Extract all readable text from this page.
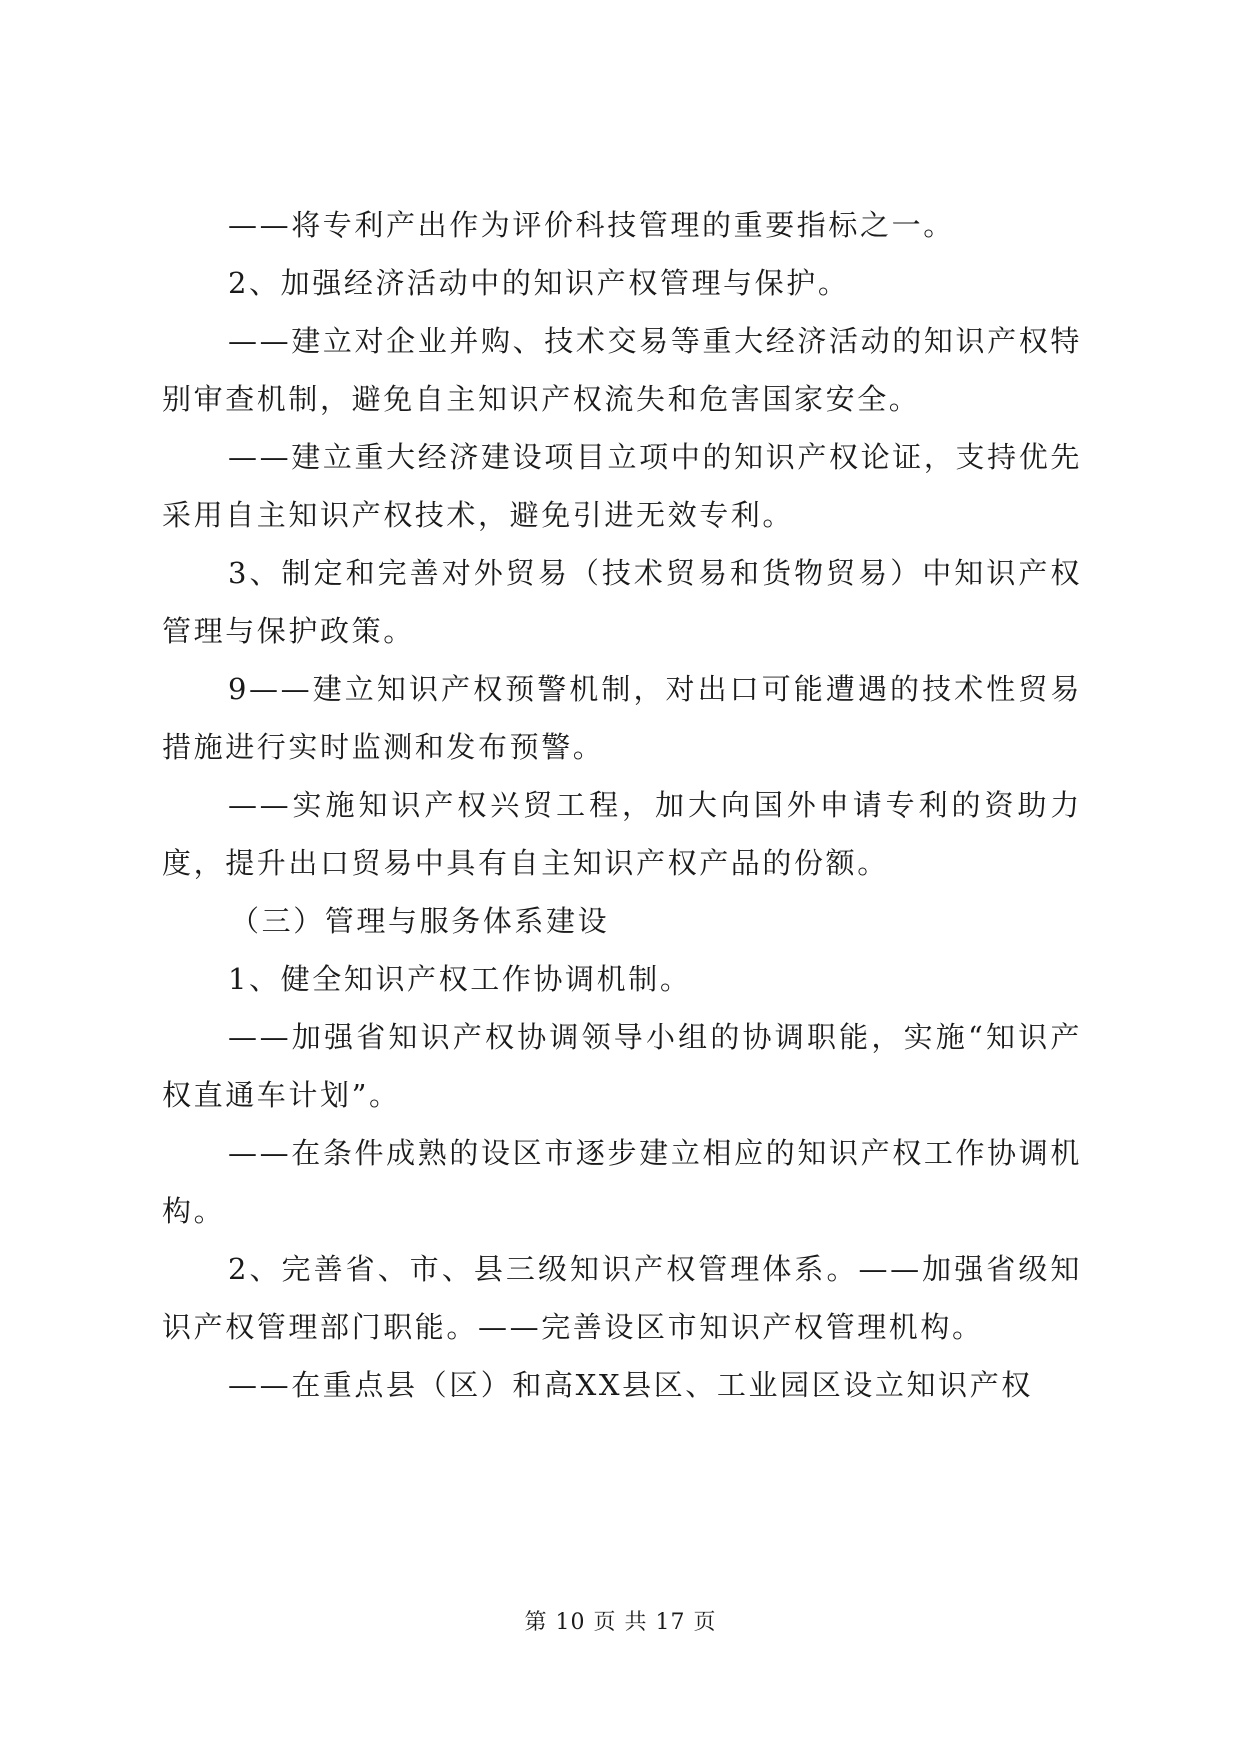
——将专利产出作为评价科技管理的重要指标之一。

2、加强经济活动中的知识产权管理与保护。

——建立对企业并购、技术交易等重大经济活动的知识产权特别审查机制，避免自主知识产权流失和危害国家安全。

——建立重大经济建设项目立项中的知识产权论证，支持优先采用自主知识产权技术，避免引进无效专利。

3、制定和完善对外贸易（技术贸易和货物贸易）中知识产权管理与保护政策。

9——建立知识产权预警机制，对出口可能遭遇的技术性贸易措施进行实时监测和发布预警。

——实施知识产权兴贸工程，加大向国外申请专利的资助力度，提升出口贸易中具有自主知识产权产品的份额。

（三）管理与服务体系建设

1、健全知识产权工作协调机制。

——加强省知识产权协调领导小组的协调职能，实施“知识产权直通车计划”。

——在条件成熟的设区市逐步建立相应的知识产权工作协调机构。

2、完善省、市、县三级知识产权管理体系。——加强省级知识产权管理部门职能。——完善设区市知识产权管理机构。

——在重点县（区）和高XX县区、工业园区设立知识产权

第 10 页 共 17 页
